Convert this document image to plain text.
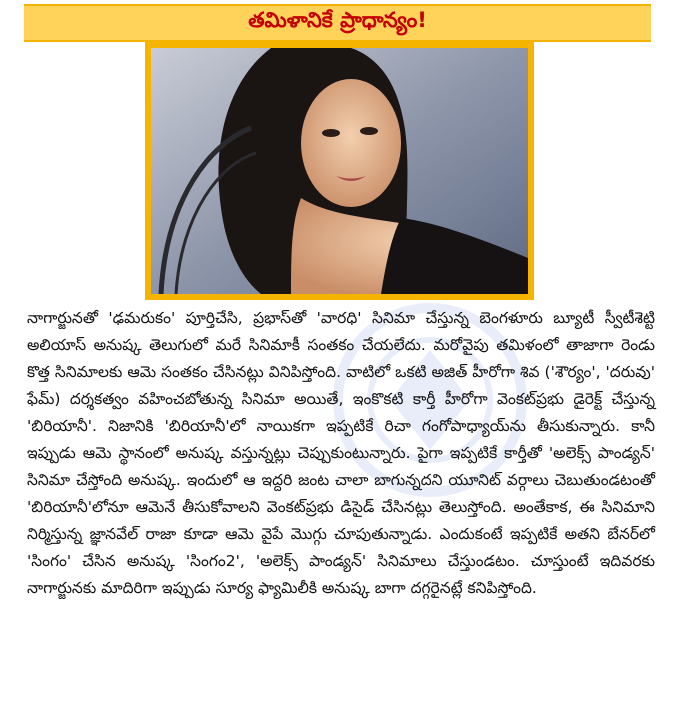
తమిళానికే ప్రాధాన్యం!

నాగార్జునతో 'ఢమరుకం' పూర్తిచేసి, ప్రభాస్‌తో 'వారధి' సినిమా చేస్తున్న బెంగళూరు బ్యూటీ స్వీటీశెట్టి అలియాస్ అనుష్క తెలుగులో మరే సినిమాకీ సంతకం చేయలేదు. మరోవైపు తమిళంలో తాజాగా రెండు కొత్త సినిమాలకు ఆమె సంతకం చేసినట్లు వినిపిస్తోంది. వాటిలో ఒకటి అజిత్ హీరోగా శివ ('శౌర్యం', 'దరువు' ఫేమ్) దర్శకత్వం వహించబోతున్న సినిమా అయితే, ఇంకొకటి కార్తీ హీరోగా వెంకట్‌ప్రభు డైరెక్ట్ చేస్తున్న 'బిరియానీ'. నిజానికి 'బిరియానీ'లో నాయికగా ఇప్పటికే రిచా గంగోపాధ్యాయ్‌ను తీసుకున్నారు. కానీ ఇప్పుడు ఆమె స్థానంలో అనుష్క వస్తున్నట్లు చెప్పుకుంటున్నారు. పైగా ఇప్పటికే కార్తీతో 'అలెక్స్ పాండ్యన్' సినిమా చేస్తోంది అనుష్క. ఇందులో ఆ ఇద్దరి జంట చాలా బాగున్నదని యూనిట్ వర్గాలు చెబుతుండటంతో 'బిరియానీ'లోనూ ఆమెనే తీసుకోవాలని వెంకట్‌ప్రభు డిసైడ్ చేసినట్లు తెలుస్తోంది. అంతేకాక, ఈ సినిమాని నిర్మిస్తున్న జ్ఞానవేల్ రాజా కూడా ఆమె వైపే మొగ్గు చూపుతున్నాడు. ఎందుకంటే ఇప్పటికే అతని బేనర్‌లో 'సింగం' చేసిన అనుష్క 'సింగం2', 'అలెక్స్ పాండ్యన్' సినిమాలు చేస్తుండటం. చూస్తుంటే ఇదివరకు నాగార్జునకు మాదిరిగా ఇప్పుడు సూర్య ఫ్యామిలీకి అనుష్క బాగా దగ్గరైనట్లే కనిపిస్తోంది.
